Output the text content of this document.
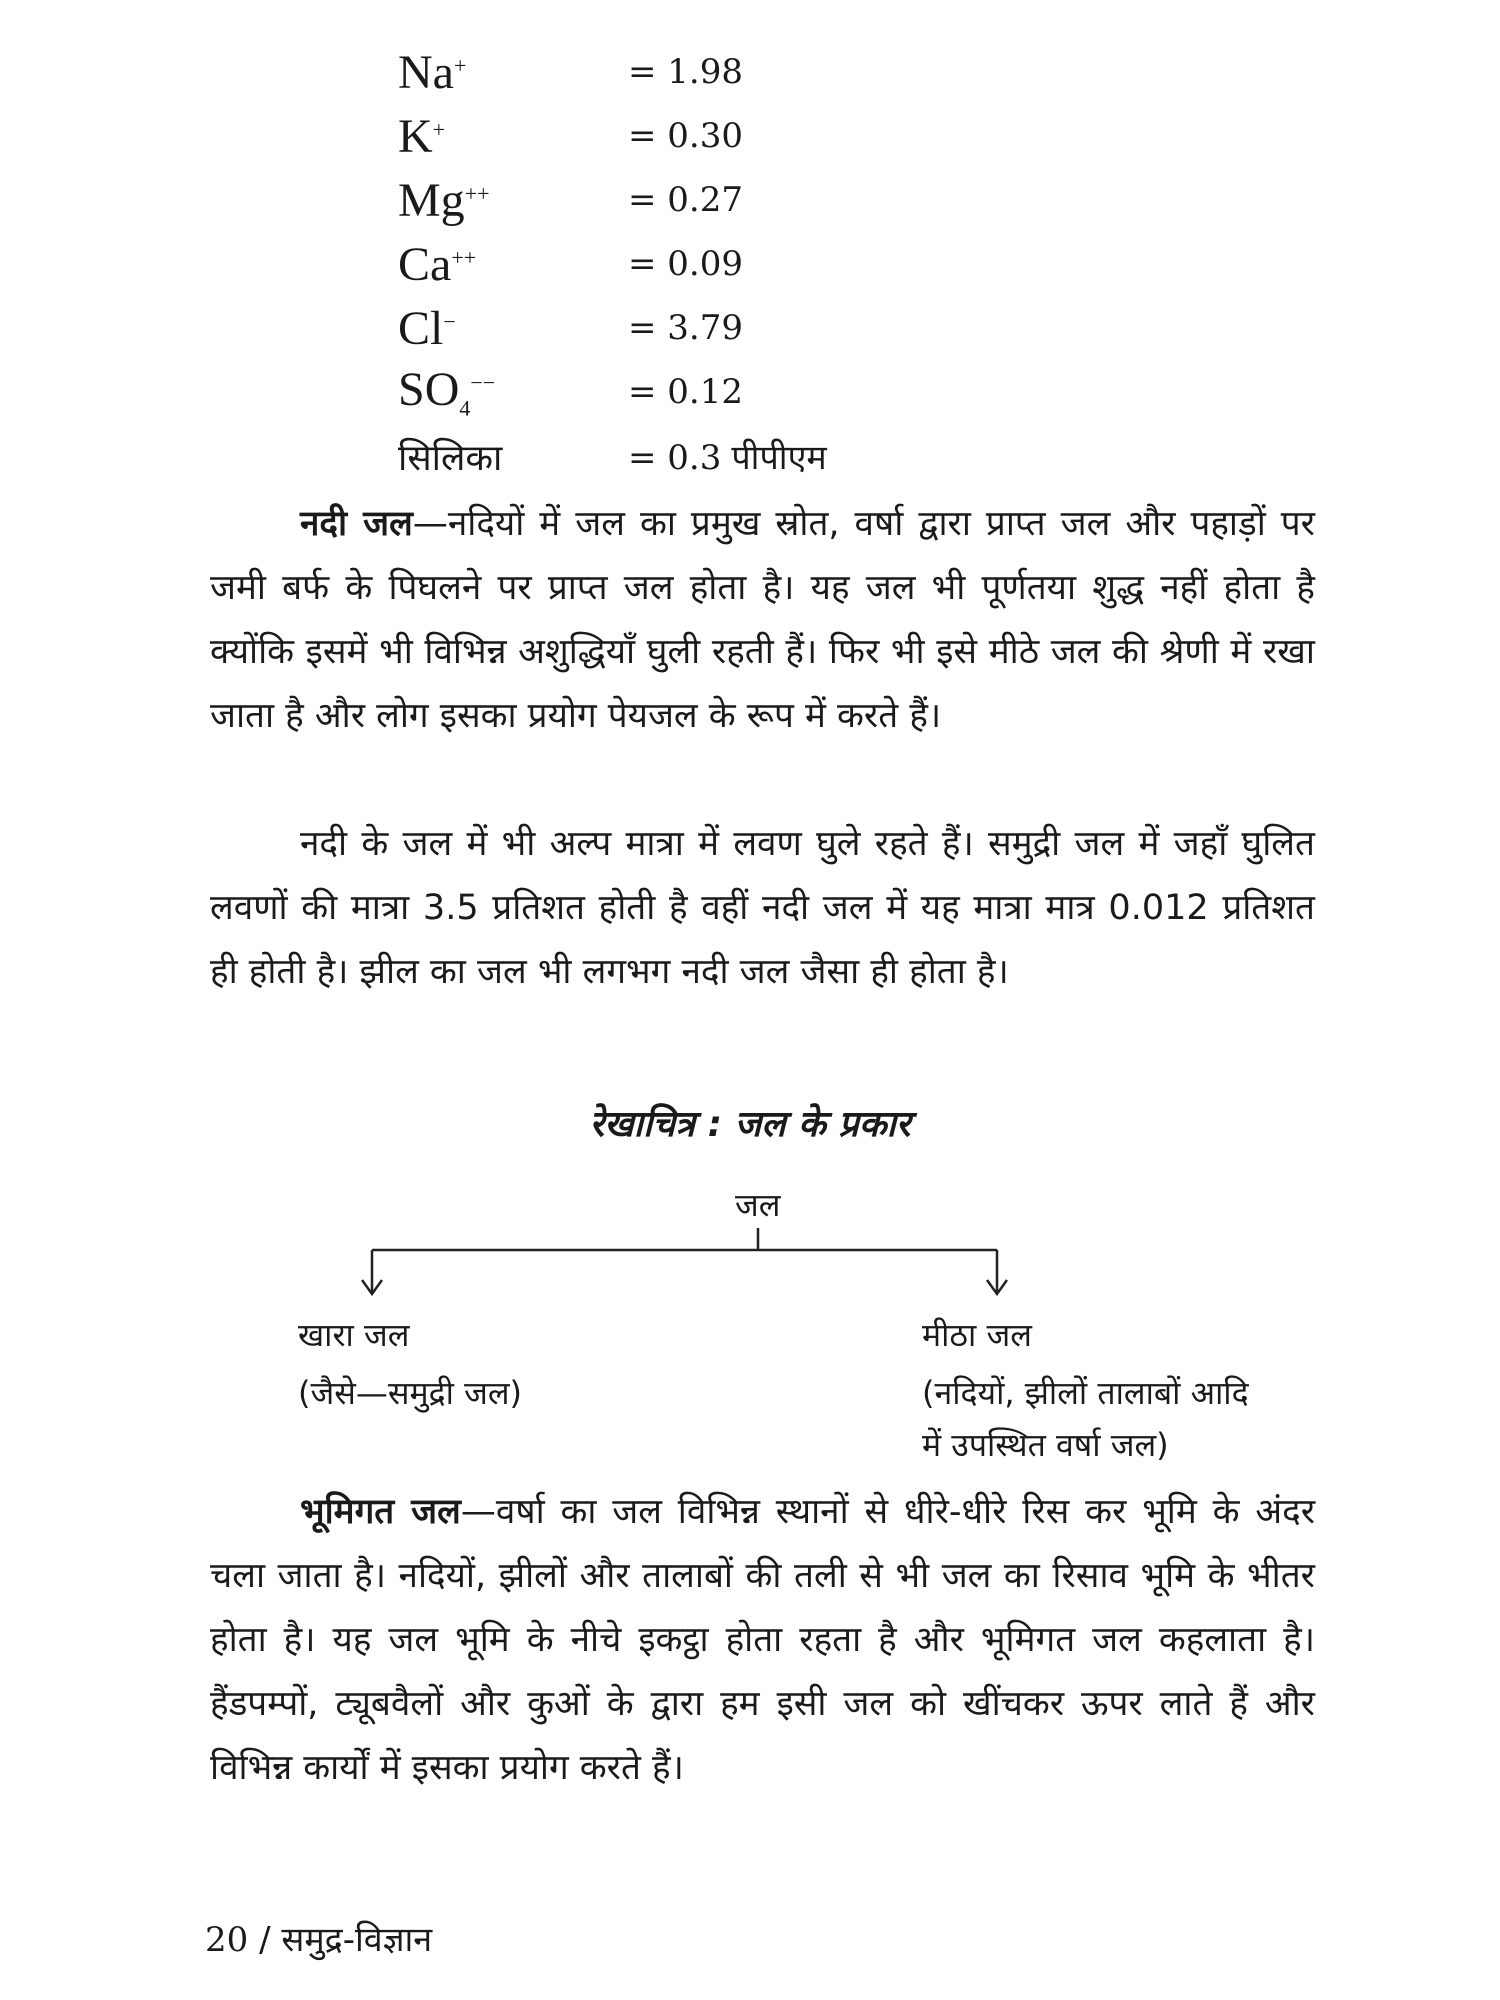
Na+	= 1.98
K+	= 0.30
Mg++	= 0.27
Ca++	= 0.09
Cl−	= 3.79
$SO_4^{--}$	= 0.12
सिलिका	= 0.3 पीपीएम

नदी जल—नदियों में जल का प्रमुख स्रोत, वर्षा द्वारा प्राप्त जल और पहाड़ों पर जमी बर्फ के पिघलने पर प्राप्त जल होता है। यह जल भी पूर्णतया शुद्ध नहीं होता है क्योंकि इसमें भी विभिन्न अशुद्धियाँ घुली रहती हैं। फिर भी इसे मीठे जल की श्रेणी में रखा जाता है और लोग इसका प्रयोग पेयजल के रूप में करते हैं।

नदी के जल में भी अल्प मात्रा में लवण घुले रहते हैं। समुद्री जल में जहाँ घुलित लवणों की मात्रा 3.5 प्रतिशत होती है वहीं नदी जल में यह मात्रा मात्र 0.012 प्रतिशत ही होती है। झील का जल भी लगभग नदी जल जैसा ही होता है।

रेखाचित्र : जल के प्रकार
जल
खारा जल
(जैसे—समुद्री जल)
मीठा जल
(नदियों, झीलों तालाबों आदि
में उपस्थित वर्षा जल)

भूमिगत जल—वर्षा का जल विभिन्न स्थानों से धीरे-धीरे रिस कर भूमि के अंदर चला जाता है। नदियों, झीलों और तालाबों की तली से भी जल का रिसाव भूमि के भीतर होता है। यह जल भूमि के नीचे इकट्ठा होता रहता है और भूमिगत जल कहलाता है। हैंडपम्पों, ट्यूबवैलों और कुओं के द्वारा हम इसी जल को खींचकर ऊपर लाते हैं और विभिन्न कार्यों में इसका प्रयोग करते हैं।

20 / समुद्र-विज्ञान
